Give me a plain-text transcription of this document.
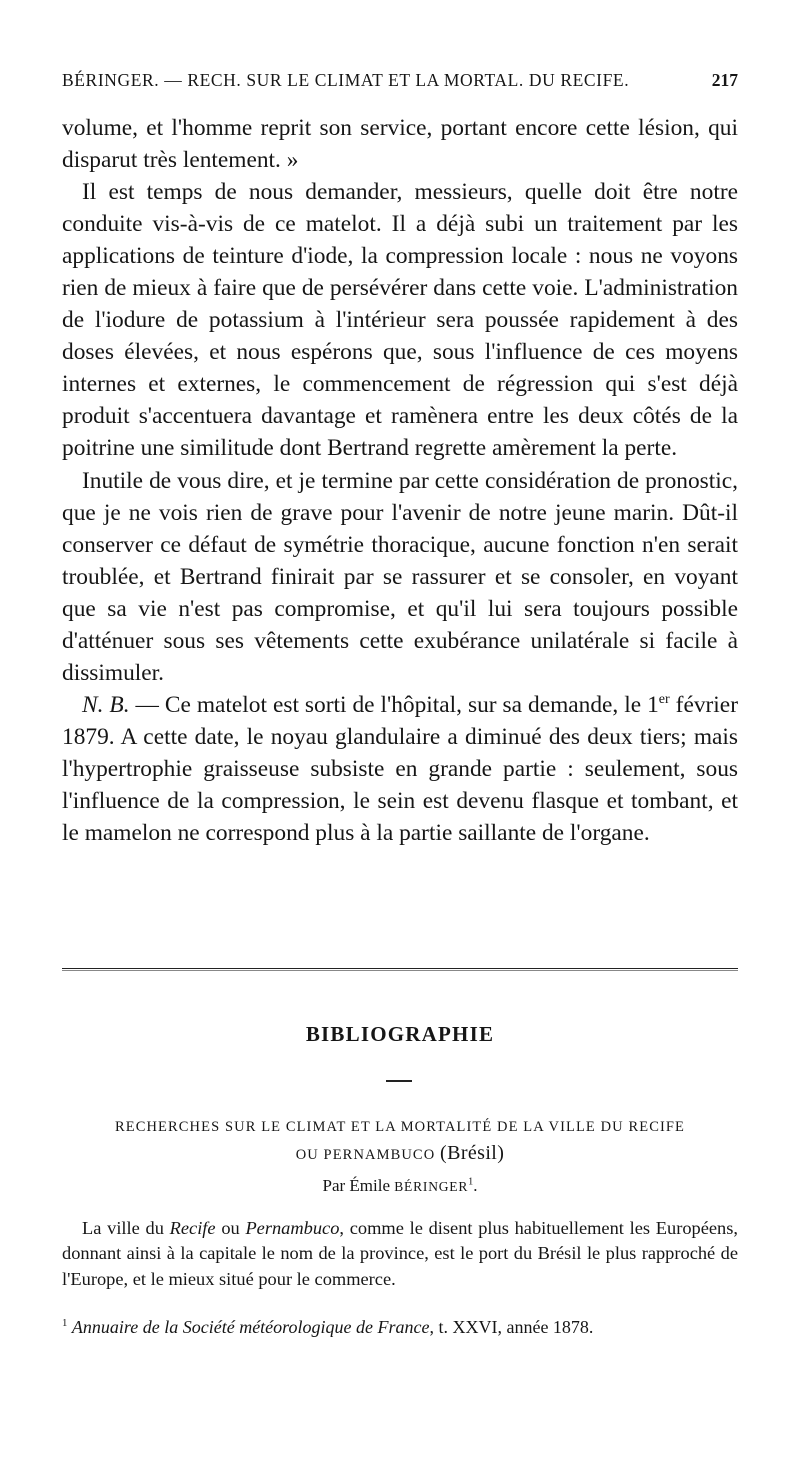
BÉRINGER. — RECH. SUR LE CLIMAT ET LA MORTAL. DU RECIFE.	217

volume, et l'homme reprit son service, portant encore cette lésion, qui disparut très lentement. »

Il est temps de nous demander, messieurs, quelle doit être notre conduite vis-à-vis de ce matelot. Il a déjà subi un traitement par les applications de teinture d'iode, la compression locale : nous ne voyons rien de mieux à faire que de persévérer dans cette voie. L'administration de l'iodure de potassium à l'intérieur sera poussée rapidement à des doses élevées, et nous espérons que, sous l'influence de ces moyens internes et externes, le commencement de régression qui s'est déjà produit s'accentuera davantage et ramènera entre les deux côtés de la poitrine une similitude dont Bertrand regrette amèrement la perte.

Inutile de vous dire, et je termine par cette considération de pronostic, que je ne vois rien de grave pour l'avenir de notre jeune marin. Dût-il conserver ce défaut de symétrie thoracique, aucune fonction n'en serait troublée, et Bertrand finirait par se rassurer et se consoler, en voyant que sa vie n'est pas compromise, et qu'il lui sera toujours possible d'atténuer sous ses vêtements cette exubérance unilatérale si facile à dissimuler.

N. B. — Ce matelot est sorti de l'hôpital, sur sa demande, le 1er février 1879. A cette date, le noyau glandulaire a diminué des deux tiers; mais l'hypertrophie graisseuse subsiste en grande partie : seulement, sous l'influence de la compression, le sein est devenu flasque et tombant, et le mamelon ne correspond plus à la partie saillante de l'organe.

BIBLIOGRAPHIE
RECHERCHES SUR LE CLIMAT ET LA MORTALITÉ DE LA VILLE DU RECIFE
OU PERNAMBUCO (Brésil)
Par Émile BÉRINGER$^1$.

La ville du Recife ou Pernambuco, comme le disent plus habituellement les Européens, donnant ainsi à la capitale le nom de la province, est le port du Brésil le plus rapproché de l'Europe, et le mieux situé pour le commerce.

$^1$ Annuaire de la Société météorologique de France, t. XXVI, année 1878.
